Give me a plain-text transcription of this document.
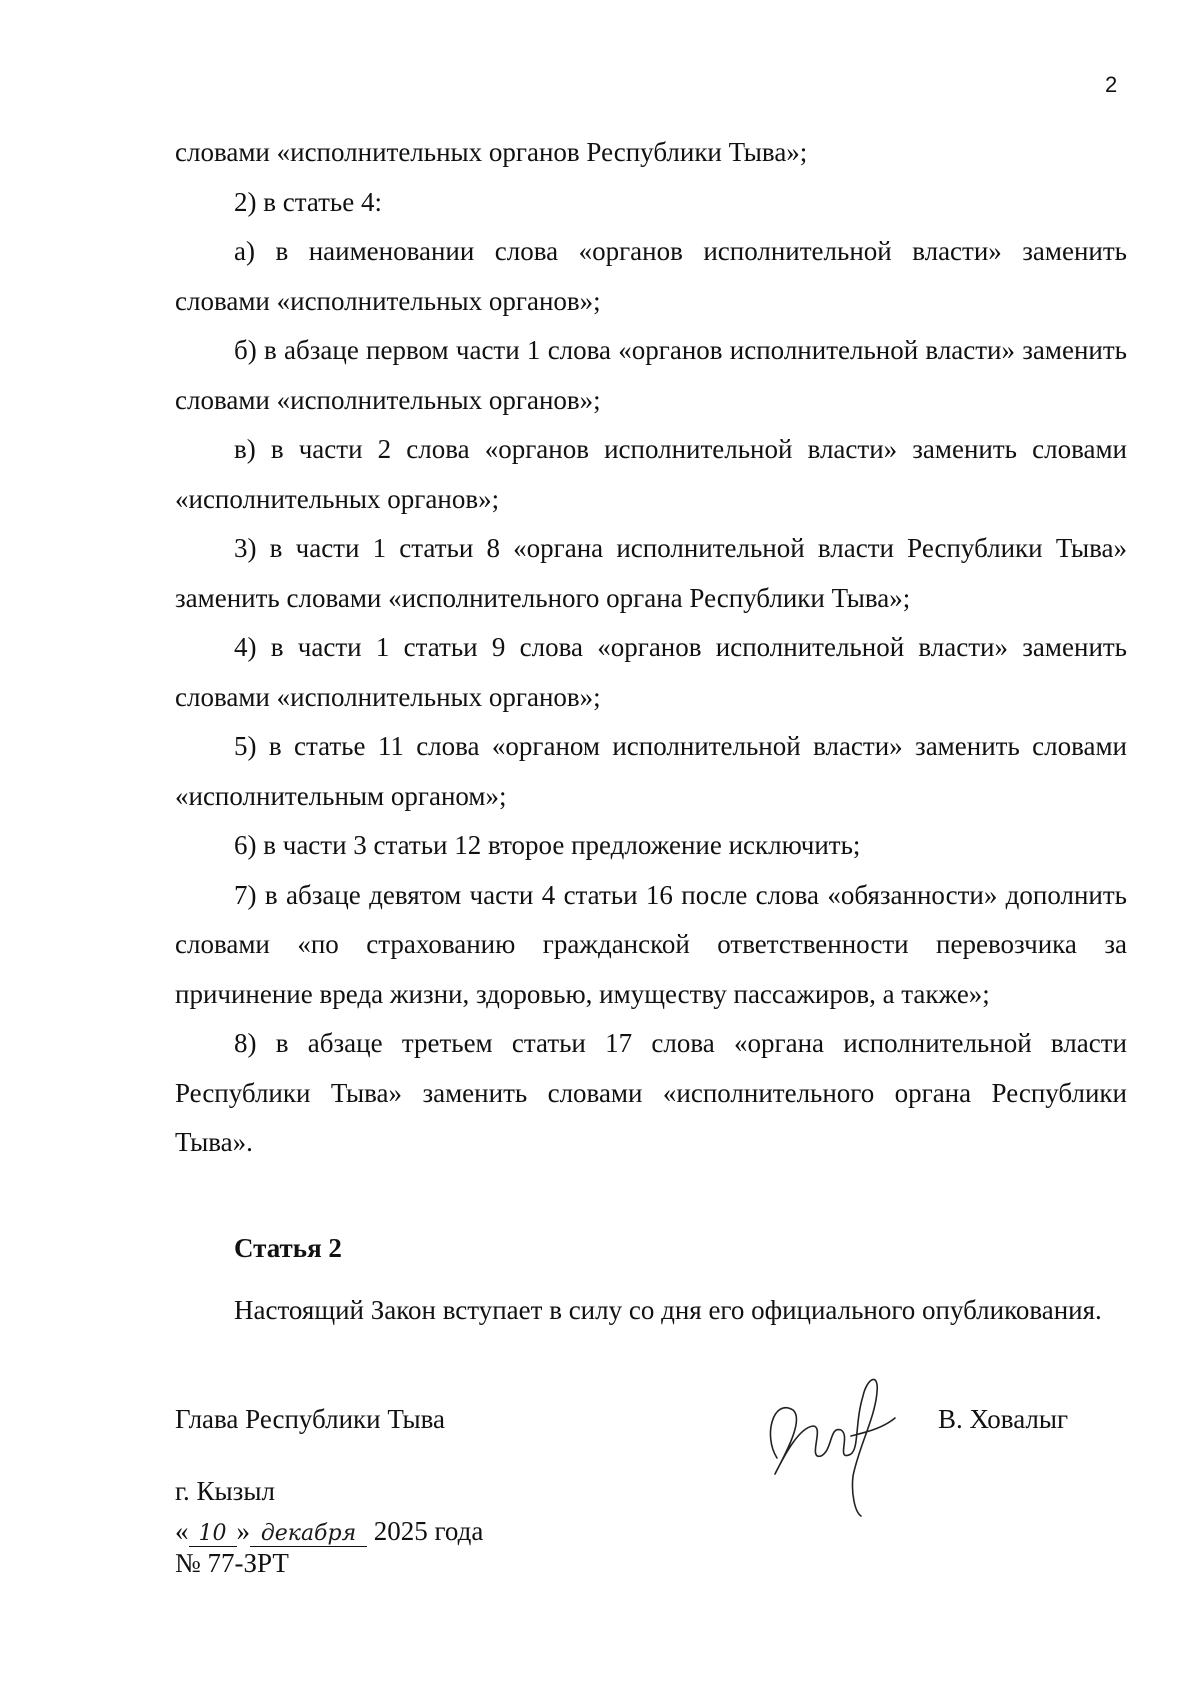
2

словами «исполнительных органов Республики Тыва»;

2) в статье 4:

а) в наименовании слова «органов исполнительной власти» заменить словами «исполнительных органов»;

б) в абзаце первом части 1 слова «органов исполнительной власти» заменить словами «исполнительных органов»;

в) в части 2 слова «органов исполнительной власти» заменить словами «исполнительных органов»;

3) в части 1 статьи 8 «органа исполнительной власти Республики Тыва» заменить словами «исполнительного органа Республики Тыва»;

4) в части 1 статьи 9 слова «органов исполнительной власти» заменить словами «исполнительных органов»;

5) в статье 11 слова «органом исполнительной власти» заменить словами «исполнительным органом»;

6) в части 3 статьи 12 второе предложение исключить;

7) в абзаце девятом части 4 статьи 16 после слова «обязанности» дополнить словами «по страхованию гражданской ответственности перевозчика за причинение вреда жизни, здоровью, имуществу пассажиров, а также»;

8) в абзаце третьем статьи 17 слова «органа исполнительной власти Республики Тыва» заменить словами «исполнительного органа Республики Тыва».

Статья 2

Настоящий Закон вступает в силу со дня его официального опубликования.

Глава Республики Тыва	В. Ховалыг
г. Кызыл
« 10 » декабря 2025 года
№ 77-ЗРТ
